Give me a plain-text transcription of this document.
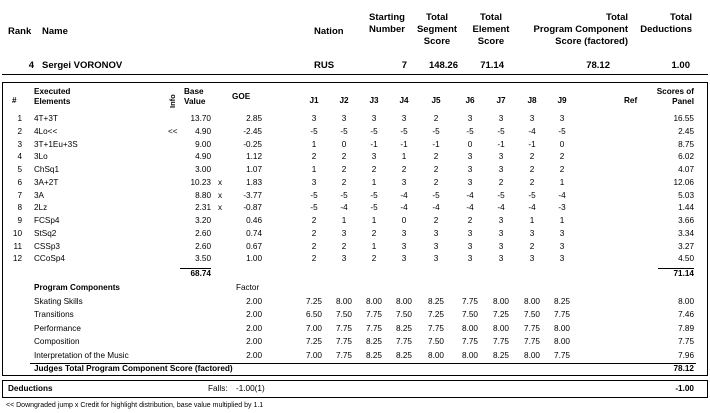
Rank Name	Nation
Starting
Number
Total
Segment
Score
Total
Element
Score
Total
Program Component
Score (factored)
Total
Deductions
4 Sergei VORONOV	RUS	7	148.26	71.14	78.12	1.00
#
Executed
Elements	Info
Base
Value
GOE	J1	J2	J3	J4	J5	J6	J7	J8	J9	Ref
Scores of
Panel
1 4T+3T	13.70	2.85	3	3	3	3	2	3	3	3	3	16.55
2 4Lo<<	<<	4.90	-2.45	-5	-5	-5	-5	-5	-5	-5	-4	-5	2.45
3 3T+1Eu+3S	9.00	-0.25	1	0	-1	-1	-1	0	-1	-1	0	8.75
4 3Lo	4.90	1.12	2	2	3	1	2	3	3	2	2	6.02
5 ChSq1	3.00	1.07	1	2	2	2	2	3	3	2	2	4.07
6 3A+2T	10.23 x	1.83	3	2	1	3	2	3	2	2	1	12.06
7 3A	8.80 x	-3.77	-5	-5	-5	-4	-5	-4	-5	-5	-4	5.03
8 2Lz	2.31 x	-0.87	-5	-4	-5	-4	-4	-4	-4	-4	-3	1.44
9 FCSp4	3.20	0.46	2	1	1	0	2	2	3	1	1	3.66
10 StSq2	2.60	0.74	2	3	2	3	3	3	3	3	3	3.34
11 CSSp3	2.60	0.67	2	2	1	3	3	3	3	2	3	3.27
12 CCoSp4	3.50	1.00	2	3	2	3	3	3	3	3	3	4.50
68.74	71.14
Program Components	Factor
Skating Skills	2.00	7.25	8.00	8.00	8.00	8.25	7.75	8.00	8.00	8.25	8.00
Transitions	2.00	6.50	7.50	7.75	7.50	7.25	7.50	7.25	7.50	7.75	7.46
Performance	2.00	7.00	7.75	7.75	8.25	7.75	8.00	8.00	7.75	8.00	7.89
Composition	2.00	7.25	7.75	8.25	7.75	7.50	7.75	7.75	7.75	8.00	7.75
Interpretation of the Music	2.00	7.00	7.75	8.25	8.25	8.00	8.00	8.25	8.00	7.75	7.96
Judges Total Program Component Score (factored)	78.12
Deductions	Falls: -1.00(1)	-1.00
<< Downgraded jump x Credit for highlight distribution, base value multiplied by 1.1
